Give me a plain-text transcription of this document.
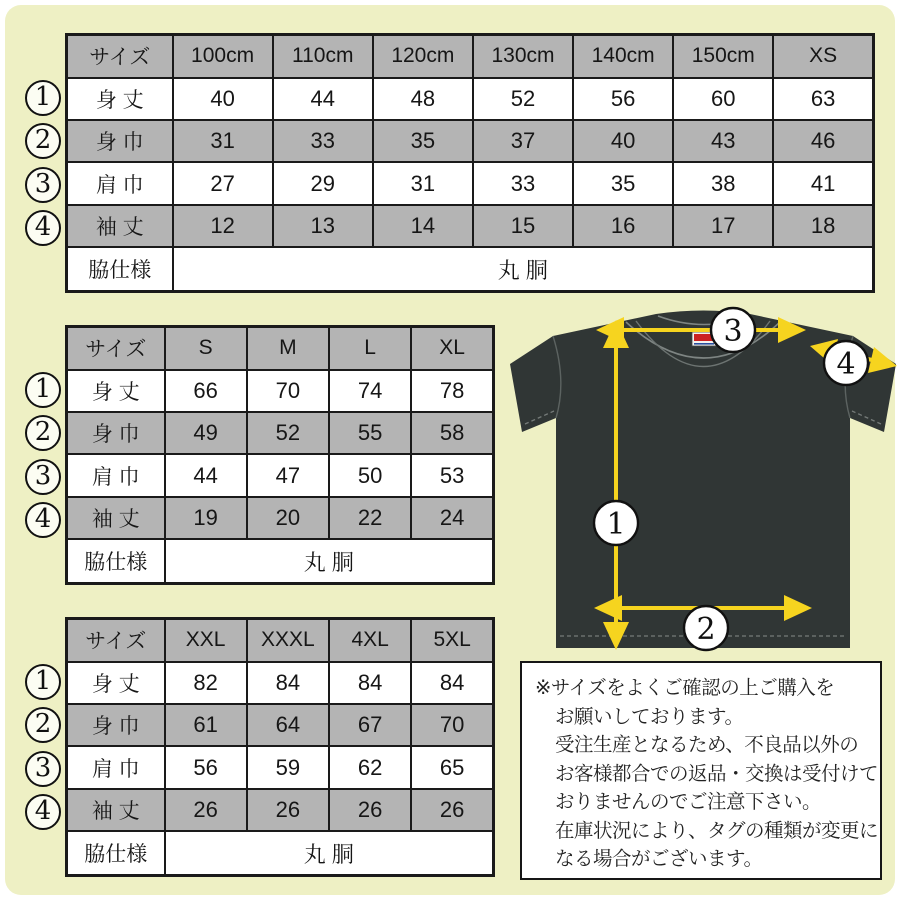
サイズ	100cm	110cm	120cm	130cm	140cm	150cm	XS
身 丈	40	44	48	52	56	60	63
身 巾	31	33	35	37	40	43	46
肩 巾	27	29	31	33	35	38	41
袖 丈	12	13	14	15	16	17	18
脇仕様	丸 胴						
1
2
3
4
サイズ	S	M	L	XL
身 丈	66	70	74	78
身 巾	49	52	55	58
肩 巾	44	47	50	53
袖 丈	19	20	22	24
脇仕様	丸 胴			
1
2
3
4
サイズ	XXL	XXXL	4XL	5XL
身 丈	82	84	84	84
身 巾	61	64	67	70
肩 巾	56	59	62	65
袖 丈	26	26	26	26
脇仕様	丸 胴			
1
2
3
4
1
2
3
4
※サイズをよくご確認の上ご購入を
お願いしております。
受注生産となるため、不良品以外の
お客様都合での返品・交換は受付けて
おりませんのでご注意下さい。
在庫状況により、タグの種類が変更に
なる場合がございます。
